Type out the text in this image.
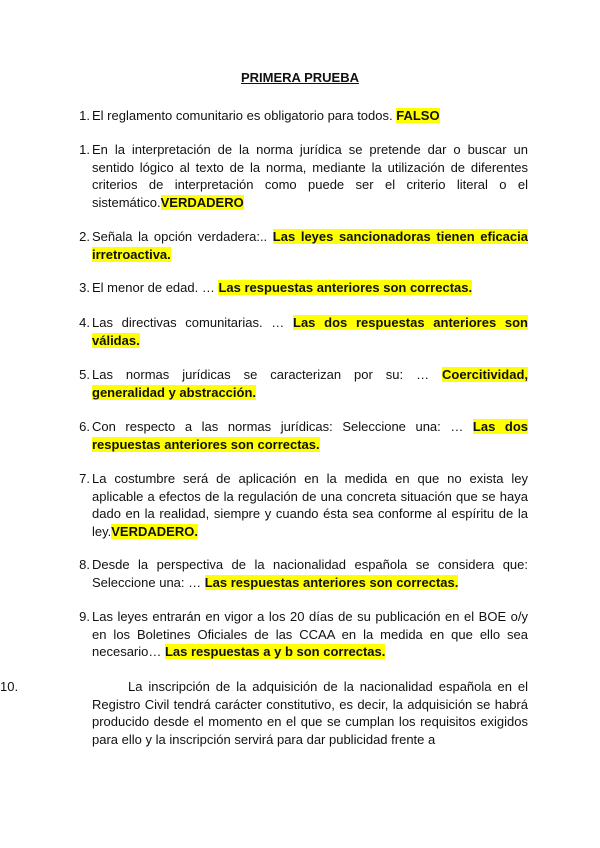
PRIMERA PRUEBA
1. El reglamento comunitario es obligatorio para todos. FALSO
1. En la interpretación de la norma jurídica se pretende dar o buscar un sentido lógico al texto de la norma, mediante la utilización de diferentes criterios de interpretación como puede ser el criterio literal o el sistemático.VERDADERO
2. Señala la opción verdadera:.. Las leyes sancionadoras tienen eficacia irretroactiva.
3. El menor de edad. … Las respuestas anteriores son correctas.
4. Las directivas comunitarias. … Las dos respuestas anteriores son válidas.
5. Las normas jurídicas se caracterizan por su: … Coercitividad, generalidad y abstracción.
6. Con respecto a las normas jurídicas: Seleccione una: … Las dos respuestas anteriores son correctas.
7. La costumbre será de aplicación en la medida en que no exista ley aplicable a efectos de la regulación de una concreta situación que se haya dado en la realidad, siempre y cuando ésta sea conforme al espíritu de la ley.VERDADERO.
8. Desde la perspectiva de la nacionalidad española se considera que: Seleccione una: … Las respuestas anteriores son correctas.
9. Las leyes entrarán en vigor a los 20 días de su publicación en el BOE o/y en los Boletines Oficiales de las CCAA en la medida en que ello sea necesario… Las respuestas a y b son correctas.
10.	La inscripción de la adquisición de la nacionalidad española en el Registro Civil tendrá carácter constitutivo, es decir, la adquisición se habrá producido desde el momento en el que se cumplan los requisitos exigidos para ello y la inscripción servirá para dar publicidad frente a
